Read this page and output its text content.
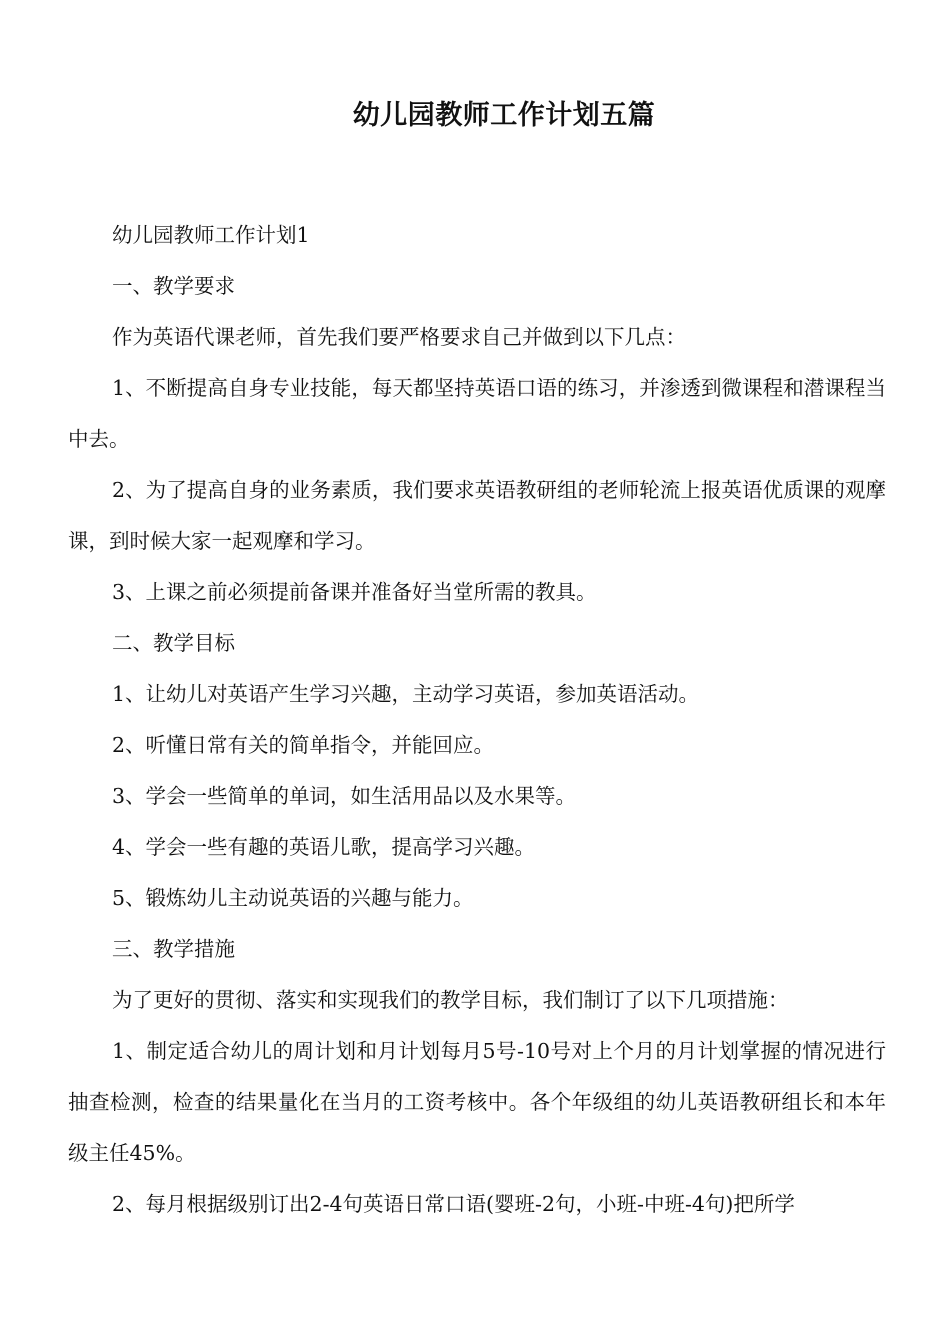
幼儿园教师工作计划五篇

幼儿园教师工作计划1

一、教学要求

作为英语代课老师，首先我们要严格要求自己并做到以下几点：

1、不断提高自身专业技能，每天都坚持英语口语的练习，并渗透到微课程和潜课程当中去。

2、为了提高自身的业务素质，我们要求英语教研组的老师轮流上报英语优质课的观摩课，到时候大家一起观摩和学习。

3、上课之前必须提前备课并准备好当堂所需的教具。

二、教学目标

1、让幼儿对英语产生学习兴趣，主动学习英语，参加英语活动。

2、听懂日常有关的简单指令，并能回应。

3、学会一些简单的单词，如生活用品以及水果等。

4、学会一些有趣的英语儿歌，提高学习兴趣。

5、锻炼幼儿主动说英语的兴趣与能力。

三、教学措施

为了更好的贯彻、落实和实现我们的教学目标，我们制订了以下几项措施：

1、制定适合幼儿的周计划和月计划每月5号-10号对上个月的月计划掌握的情况进行抽查检测，检查的结果量化在当月的工资考核中。各个年级组的幼儿英语教研组长和本年级主任45%。

2、每月根据级别订出2-4句英语日常口语(婴班-2句，小班-中班-4句)把所学
